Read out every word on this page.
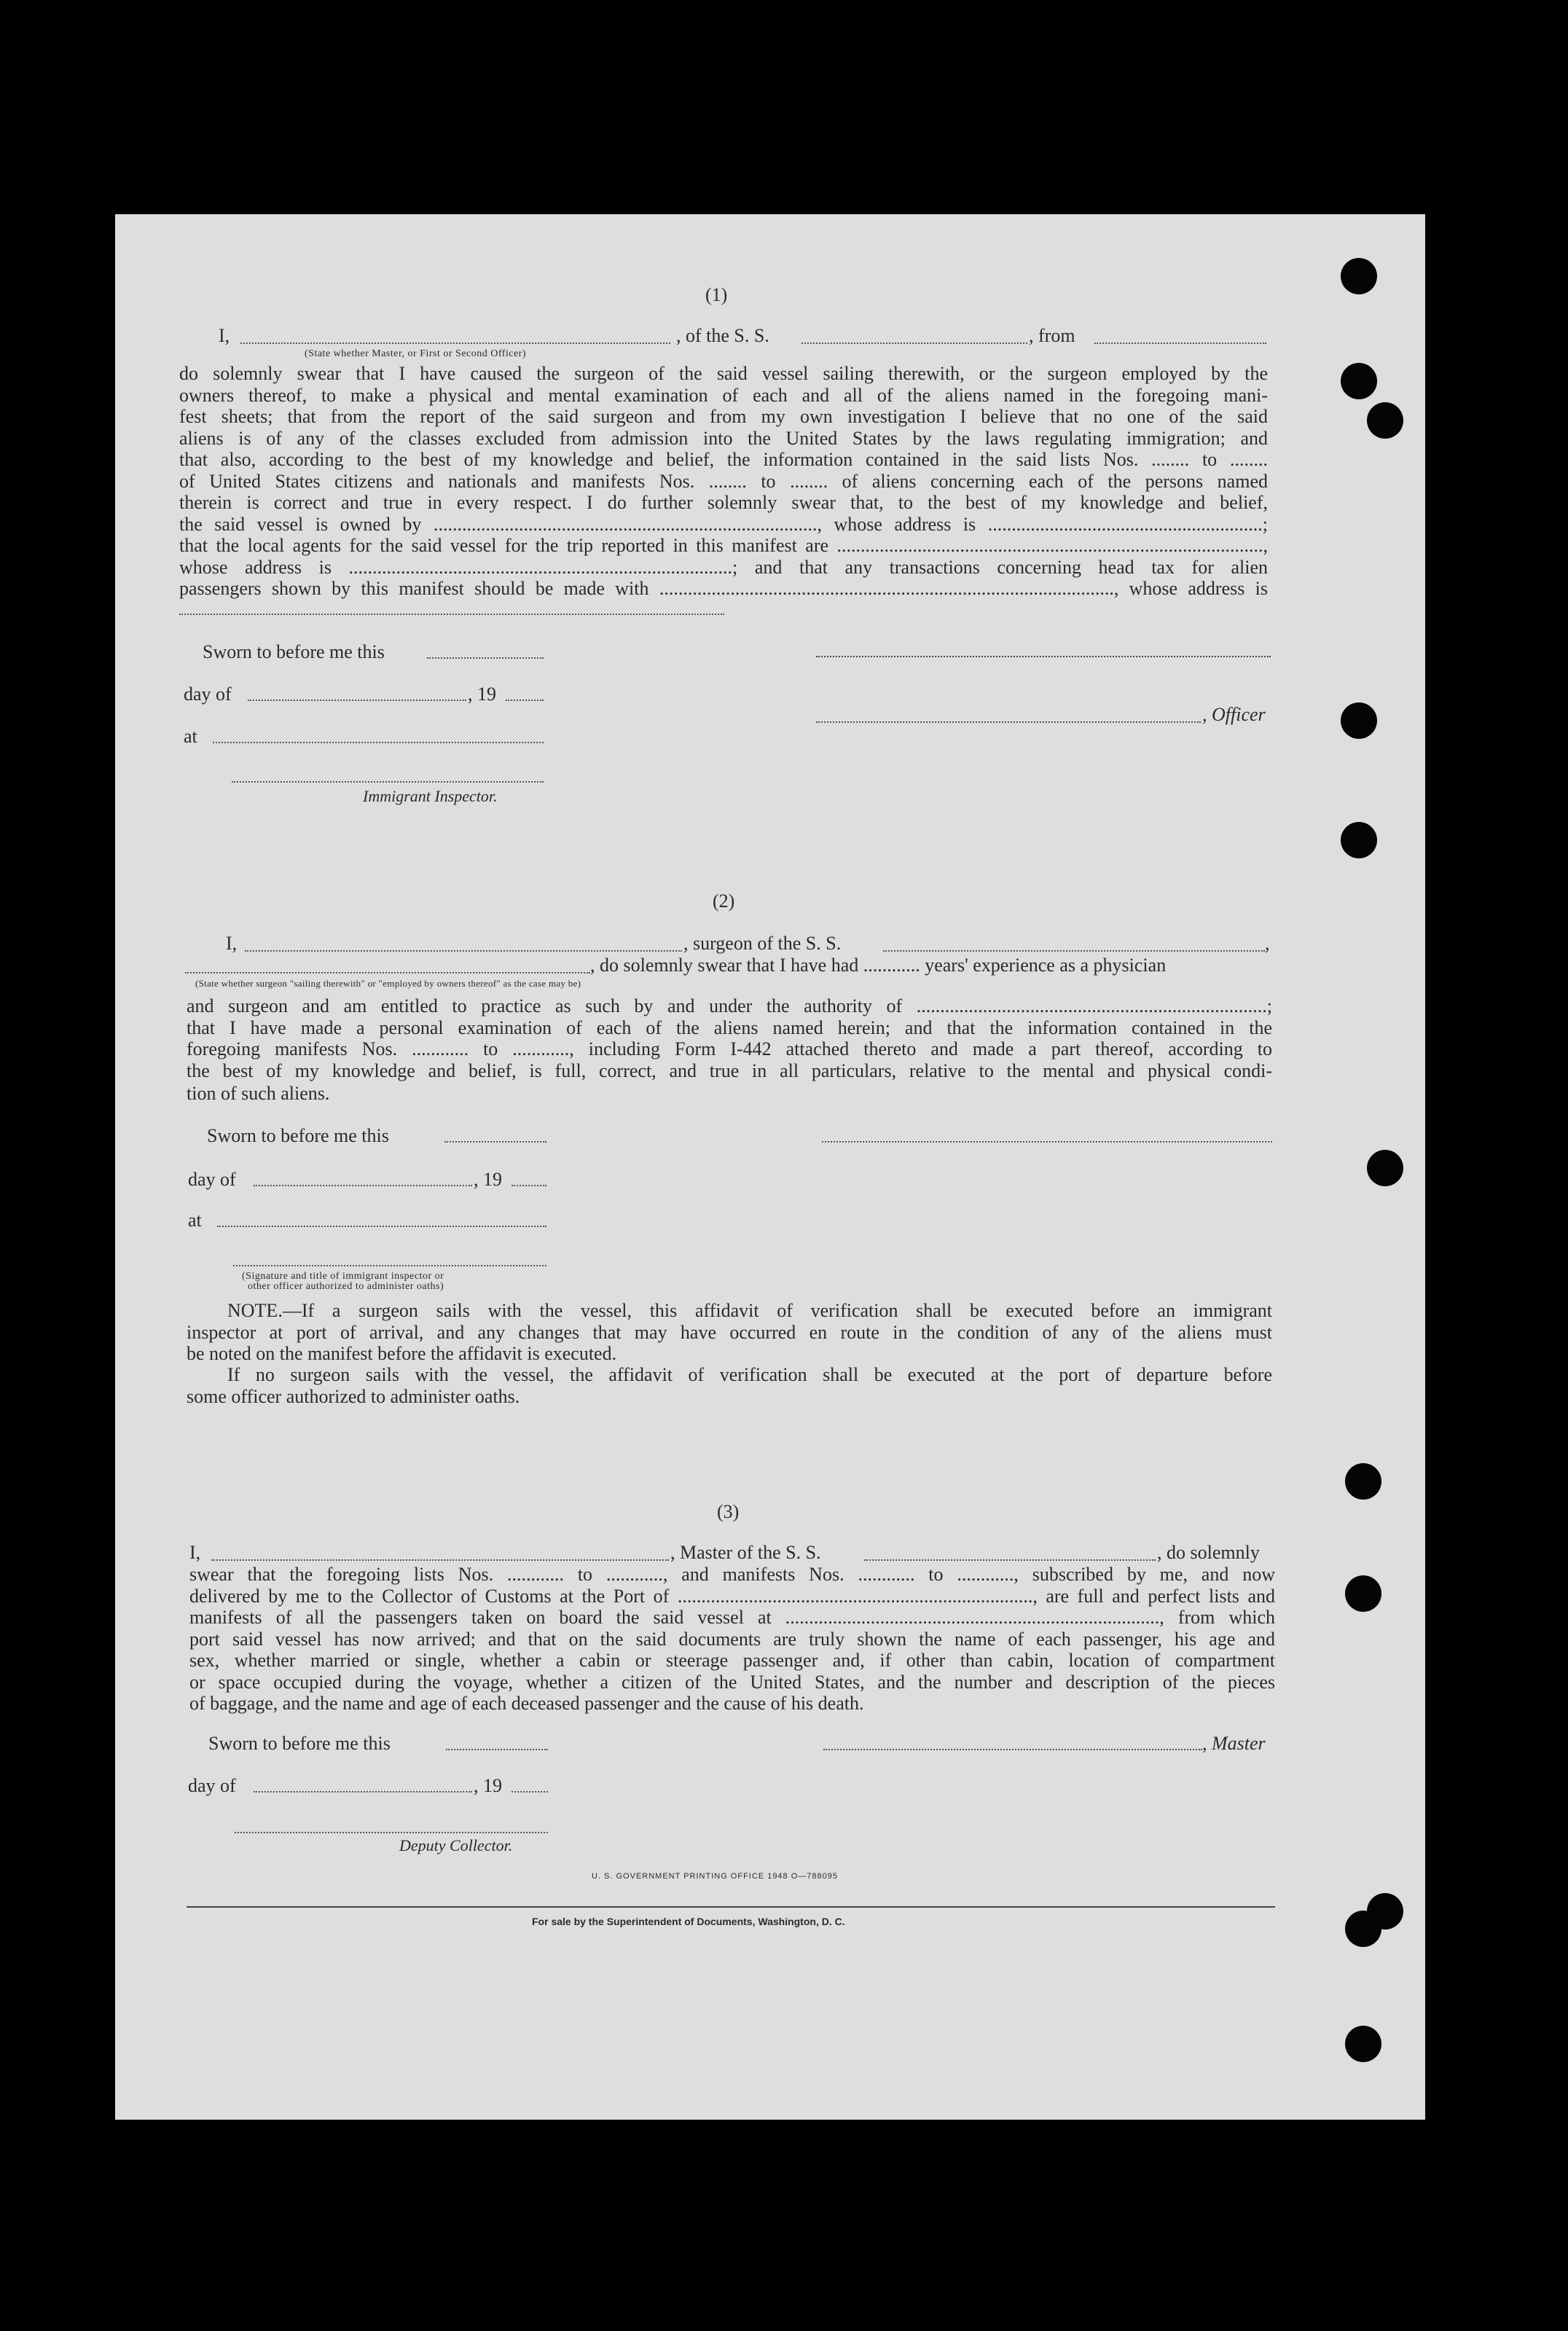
(1)
I,	, of the S. S.	, from
(State whether Master, or First or Second Officer)
do solemnly swear that I have caused the surgeon of the said vessel sailing therewith, or the surgeon employed by the
owners thereof, to make a physical and mental examination of each and all of the aliens named in the foregoing mani-
fest sheets; that from the report of the said surgeon and from my own investigation I believe that no one of the said
aliens is of any of the classes excluded from admission into the United States by the laws regulating immigration; and
that also, according to the best of my knowledge and belief, the information contained in the said lists Nos. ........ to ........
of United States citizens and nationals and manifests Nos. ........ to ........ of aliens concerning each of the persons named
therein is correct and true in every respect. I do further solemnly swear that, to the best of my knowledge and belief,
the said vessel is owned by ................................................................................., whose address is ..........................................................;
that the local agents for the said vessel for the trip reported in this manifest are ..........................................................................................,
whose address is .................................................................................; and that any transactions concerning head tax for alien
passengers shown by this manifest should be made with ................................................................................................, whose address is
Sworn to before me this
day of	, 19
, Officer
at
Immigrant Inspector.
(2)
I,	, surgeon of the S. S.	,
, do solemnly swear that I have had ............ years' experience as a physician
(State whether surgeon "sailing therewith" or "employed by owners thereof" as the case may be)
and surgeon and am entitled to practice as such by and under the authority of ..........................................................................;
that I have made a personal examination of each of the aliens named herein; and that the information contained in the
foregoing manifests Nos. ............ to ............, including Form I-442 attached thereto and made a part thereof, according to
the best of my knowledge and belief, is full, correct, and true in all particulars, relative to the mental and physical condi-
tion of such aliens.
Sworn to before me this
day of	, 19
at
(Signature and title of immigrant inspector or
other officer authorized to administer oaths)
NOTE.—If a surgeon sails with the vessel, this affidavit of verification shall be executed before an immigrant
inspector at port of arrival, and any changes that may have occurred en route in the condition of any of the aliens must
be noted on the manifest before the affidavit is executed.
If no surgeon sails with the vessel, the affidavit of verification shall be executed at the port of departure before
some officer authorized to administer oaths.
(3)
I,	, Master of the S. S.	, do solemnly
swear that the foregoing lists Nos. ............ to ............, and manifests Nos. ............ to ............, subscribed by me, and now
delivered by me to the Collector of Customs at the Port of ..........................................................................., are full and perfect lists and
manifests of all the passengers taken on board the said vessel at ..............................................................................., from which
port said vessel has now arrived; and that on the said documents are truly shown the name of each passenger, his age and
sex, whether married or single, whether a cabin or steerage passenger and, if other than cabin, location of compartment
or space occupied during the voyage, whether a citizen of the United States, and the number and description of the pieces
of baggage, and the name and age of each deceased passenger and the cause of his death.
Sworn to before me this	, Master
day of	, 19
Deputy Collector.
U. S. GOVERNMENT PRINTING OFFICE 1948 O—788095
For sale by the Superintendent of Documents, Washington, D. C.
